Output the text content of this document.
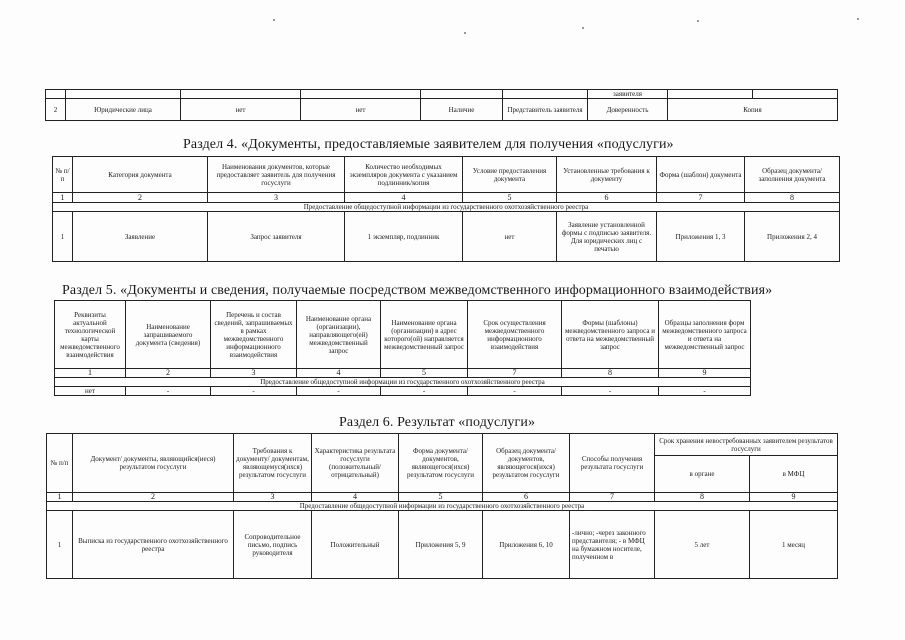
						заявителя		
2	Юридические лица	нет	нет	Наличие	Представитель заявителя	Доверенность	Копия	
Раздел 4. «Документы, предоставляемые заявителем для получения «подуслуги»
№ п/п	Категория документа	Наименования документов, которые предоставляет заявитель для получения госуслуги	Количество необходимых экземпляров документа с указанием подлинник/копия	Условие предоставления документа	Установленные требования к документу	Форма (шаблон) документа	Образец документа/заполнения документа
1	2	3	4	5	6	7	8
Предоставление общедоступной информации из государственного охотхозяйственного реестра							
1	Заявление	Запрос заявителя	1 экземпляр, подлинник	нет	Заявление установленной формы с подписью заявителя. Для юридических лиц с печатью	Приложения 1, 3	Приложения 2, 4
Раздел 5. «Документы и сведения, получаемые посредством межведомственного информационного взаимодействия»
Реквизиты актуальной технологической карты межведомственного взаимодействия	Наименование запрашиваемого документа (сведения)	Перечень и состав сведений, запрашиваемых в рамках межведомственного информационного взаимодействия	Наименование органа (организации), направляющего(ей) межведомственный запрос	Наименование органа (организации) в адрес которого(ой) направляется межведомственный запрос	Срок осуществления межведомственного информационного взаимодействия	Формы (шаблоны) межведомственного запроса и ответа на межведомственный запрос	Образцы заполнения форм межведомственного запроса и ответа на межведомственный запрос
1	2	3	4	5	7	8	9
Предоставление общедоступной информации из государственного охотхозяйственного реестра							
нет	-	-	-	-	-	-	-
Раздел 6. Результат «подуслуги»
№ п/п	Документ/ документы, являющийся(иеся) результатом госуслуги	Требования к документу/ документам, являющемуся(ихся) результатом госуслуги	Характеристика результата госуслуги (положительный/ отрицательный)	Форма документа/ документов, являющегося(ихся) результатом госуслуги	Образец документа/ документов, являющегося(ихся) результатом госуслуги	Способы получения результата госуслуги	Срок хранения невостребованных заявителем результатов госуслуги	
							в органе	в МФЦ
1	2	3	4	5	6	7	8	9
Предоставление общедоступной информации из государственного охотхозяйственного реестра								
1	Выписка из государственного охотхозяйственного реестра	Сопроводительное письмо, подпись руководителя	Положительный	Приложения 5, 9	Приложения 6, 10	-лично; -через законного представителя; - в МФЦ на бумажном носителе, полученном в	5 лет	1 месяц
